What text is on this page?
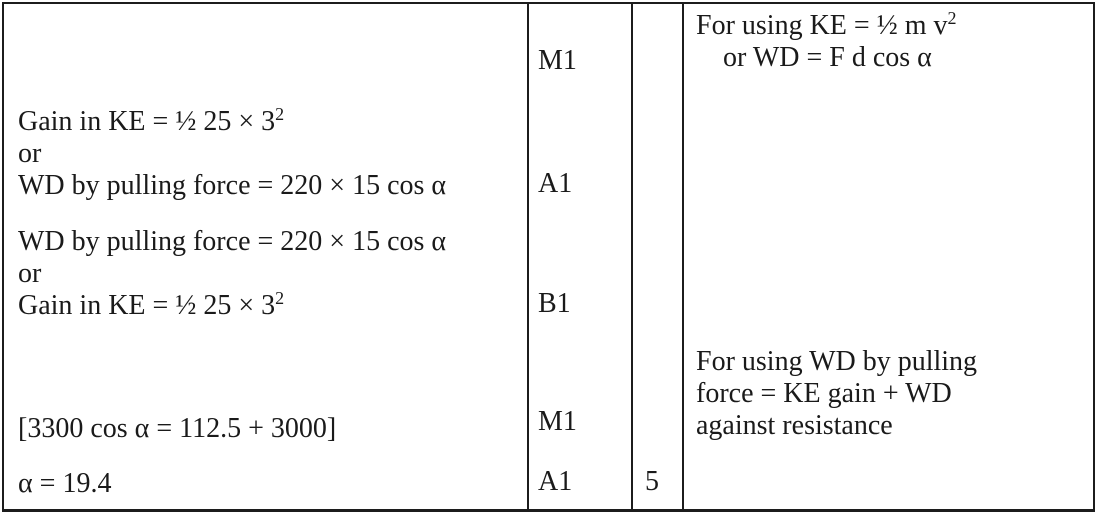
Gain in KE = ½ $25 \times 3^2$
or
WD by pulling force = 220 × 15 cos α
WD by pulling force = 220 × 15 cos α
or
Gain in KE = ½ $25 \times 3^2$
[3300 cos α = 112.5 + 3000]
α = 19.4
M1
A1
B1
M1
A1	5
For using KE = ½ m $v^2$
or WD = F d cos α
For using WD by pulling
force = KE gain + WD
against resistance
